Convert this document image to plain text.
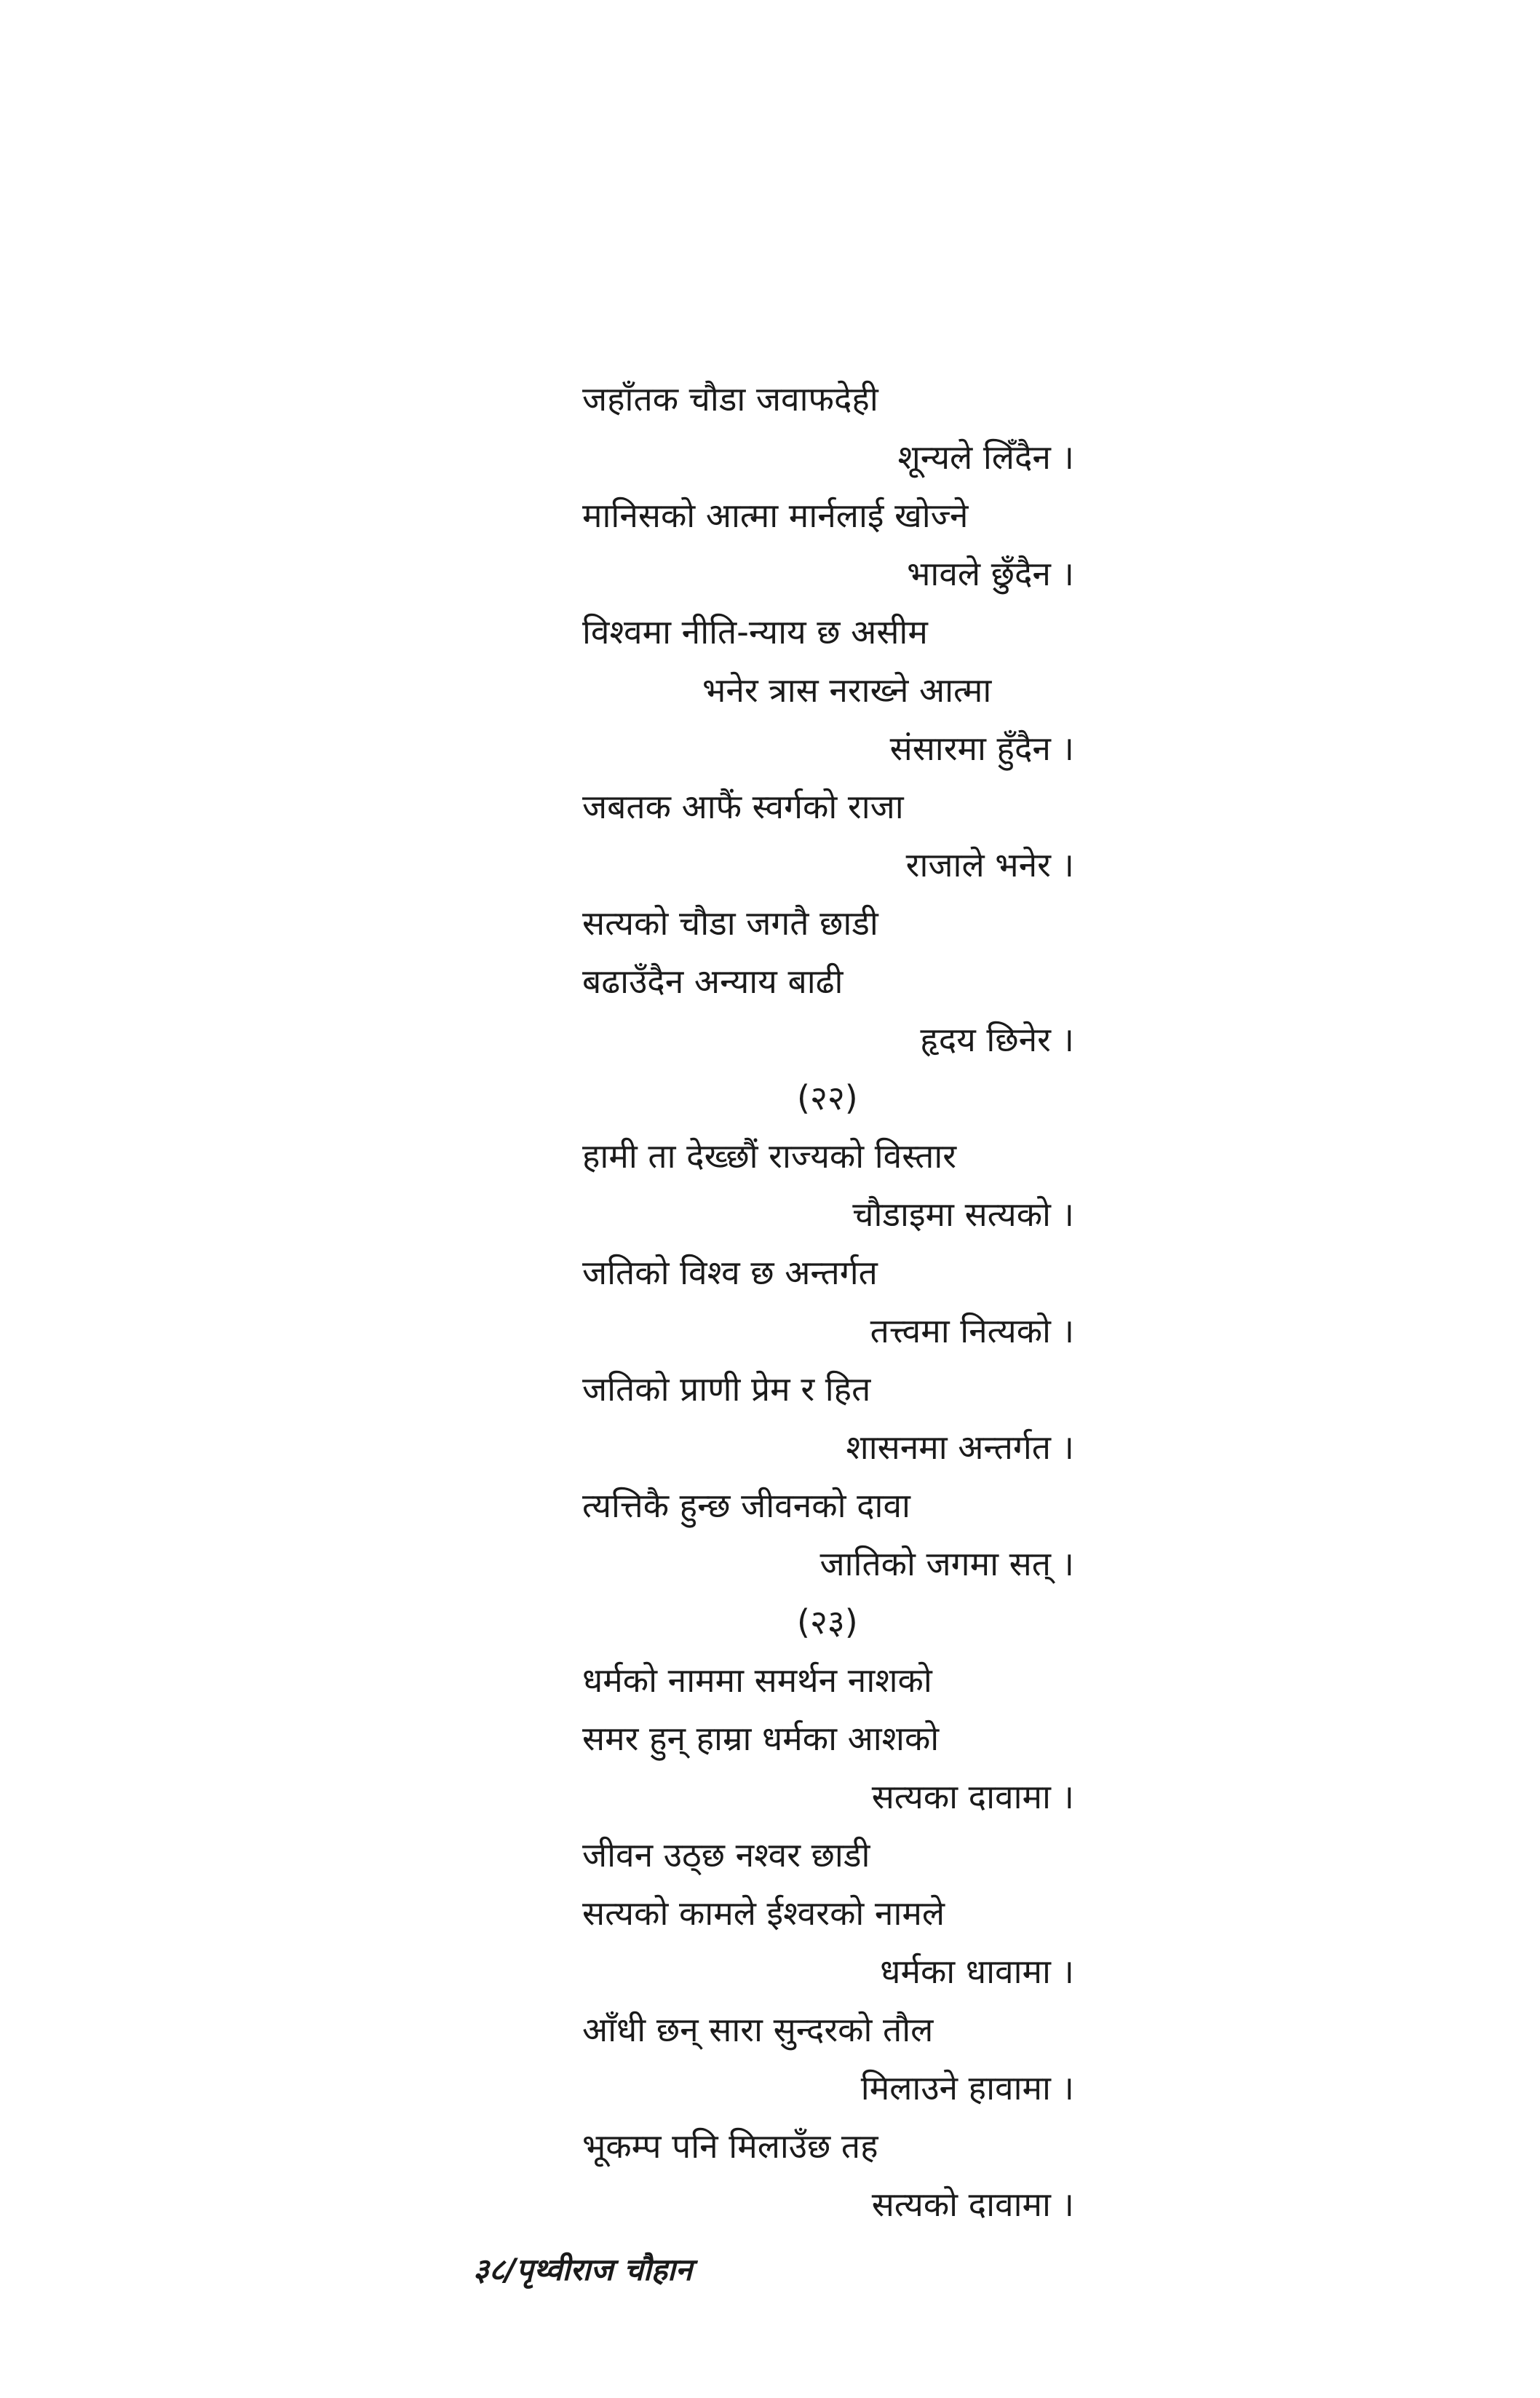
जहाँतक चौडा जवाफदेही
शून्यले लिँदैन ।
मानिसको आत्मा मार्नलाई खोज्ने
भावले छुँदैन ।
विश्वमा नीति-न्याय छ असीम
भनेर त्रास नराख्ने आत्मा
संसारमा हुँदैन ।
जबतक आफैं स्वर्गको राजा
राजाले भनेर ।
सत्यको चौडा जगतै छाडी
बढाउँदैन अन्याय बाढी
हृदय छिनेर ।
(२२)
हामी ता देख्छौं राज्यको विस्तार
चौडाइमा सत्यको ।
जतिको विश्व छ अन्तर्गत
तत्त्वमा नित्यको ।
जतिको प्राणी प्रेम र हित
शासनमा अन्तर्गत ।
त्यत्तिकै हुन्छ जीवनको दावा
जातिको जगमा सत् ।
(२३)
धर्मको नाममा समर्थन नाशको
समर हुन् हाम्रा धर्मका आशको
सत्यका दावामा ।
जीवन उठ्छ नश्वर छाडी
सत्यको कामले ईश्वरको नामले
धर्मका धावामा ।
आँधी छन् सारा सुन्दरको तौल
मिलाउने हावामा ।
भूकम्प पनि मिलाउँछ तह
सत्यको दावामा ।
३८/पृथ्वीराज चौहान
